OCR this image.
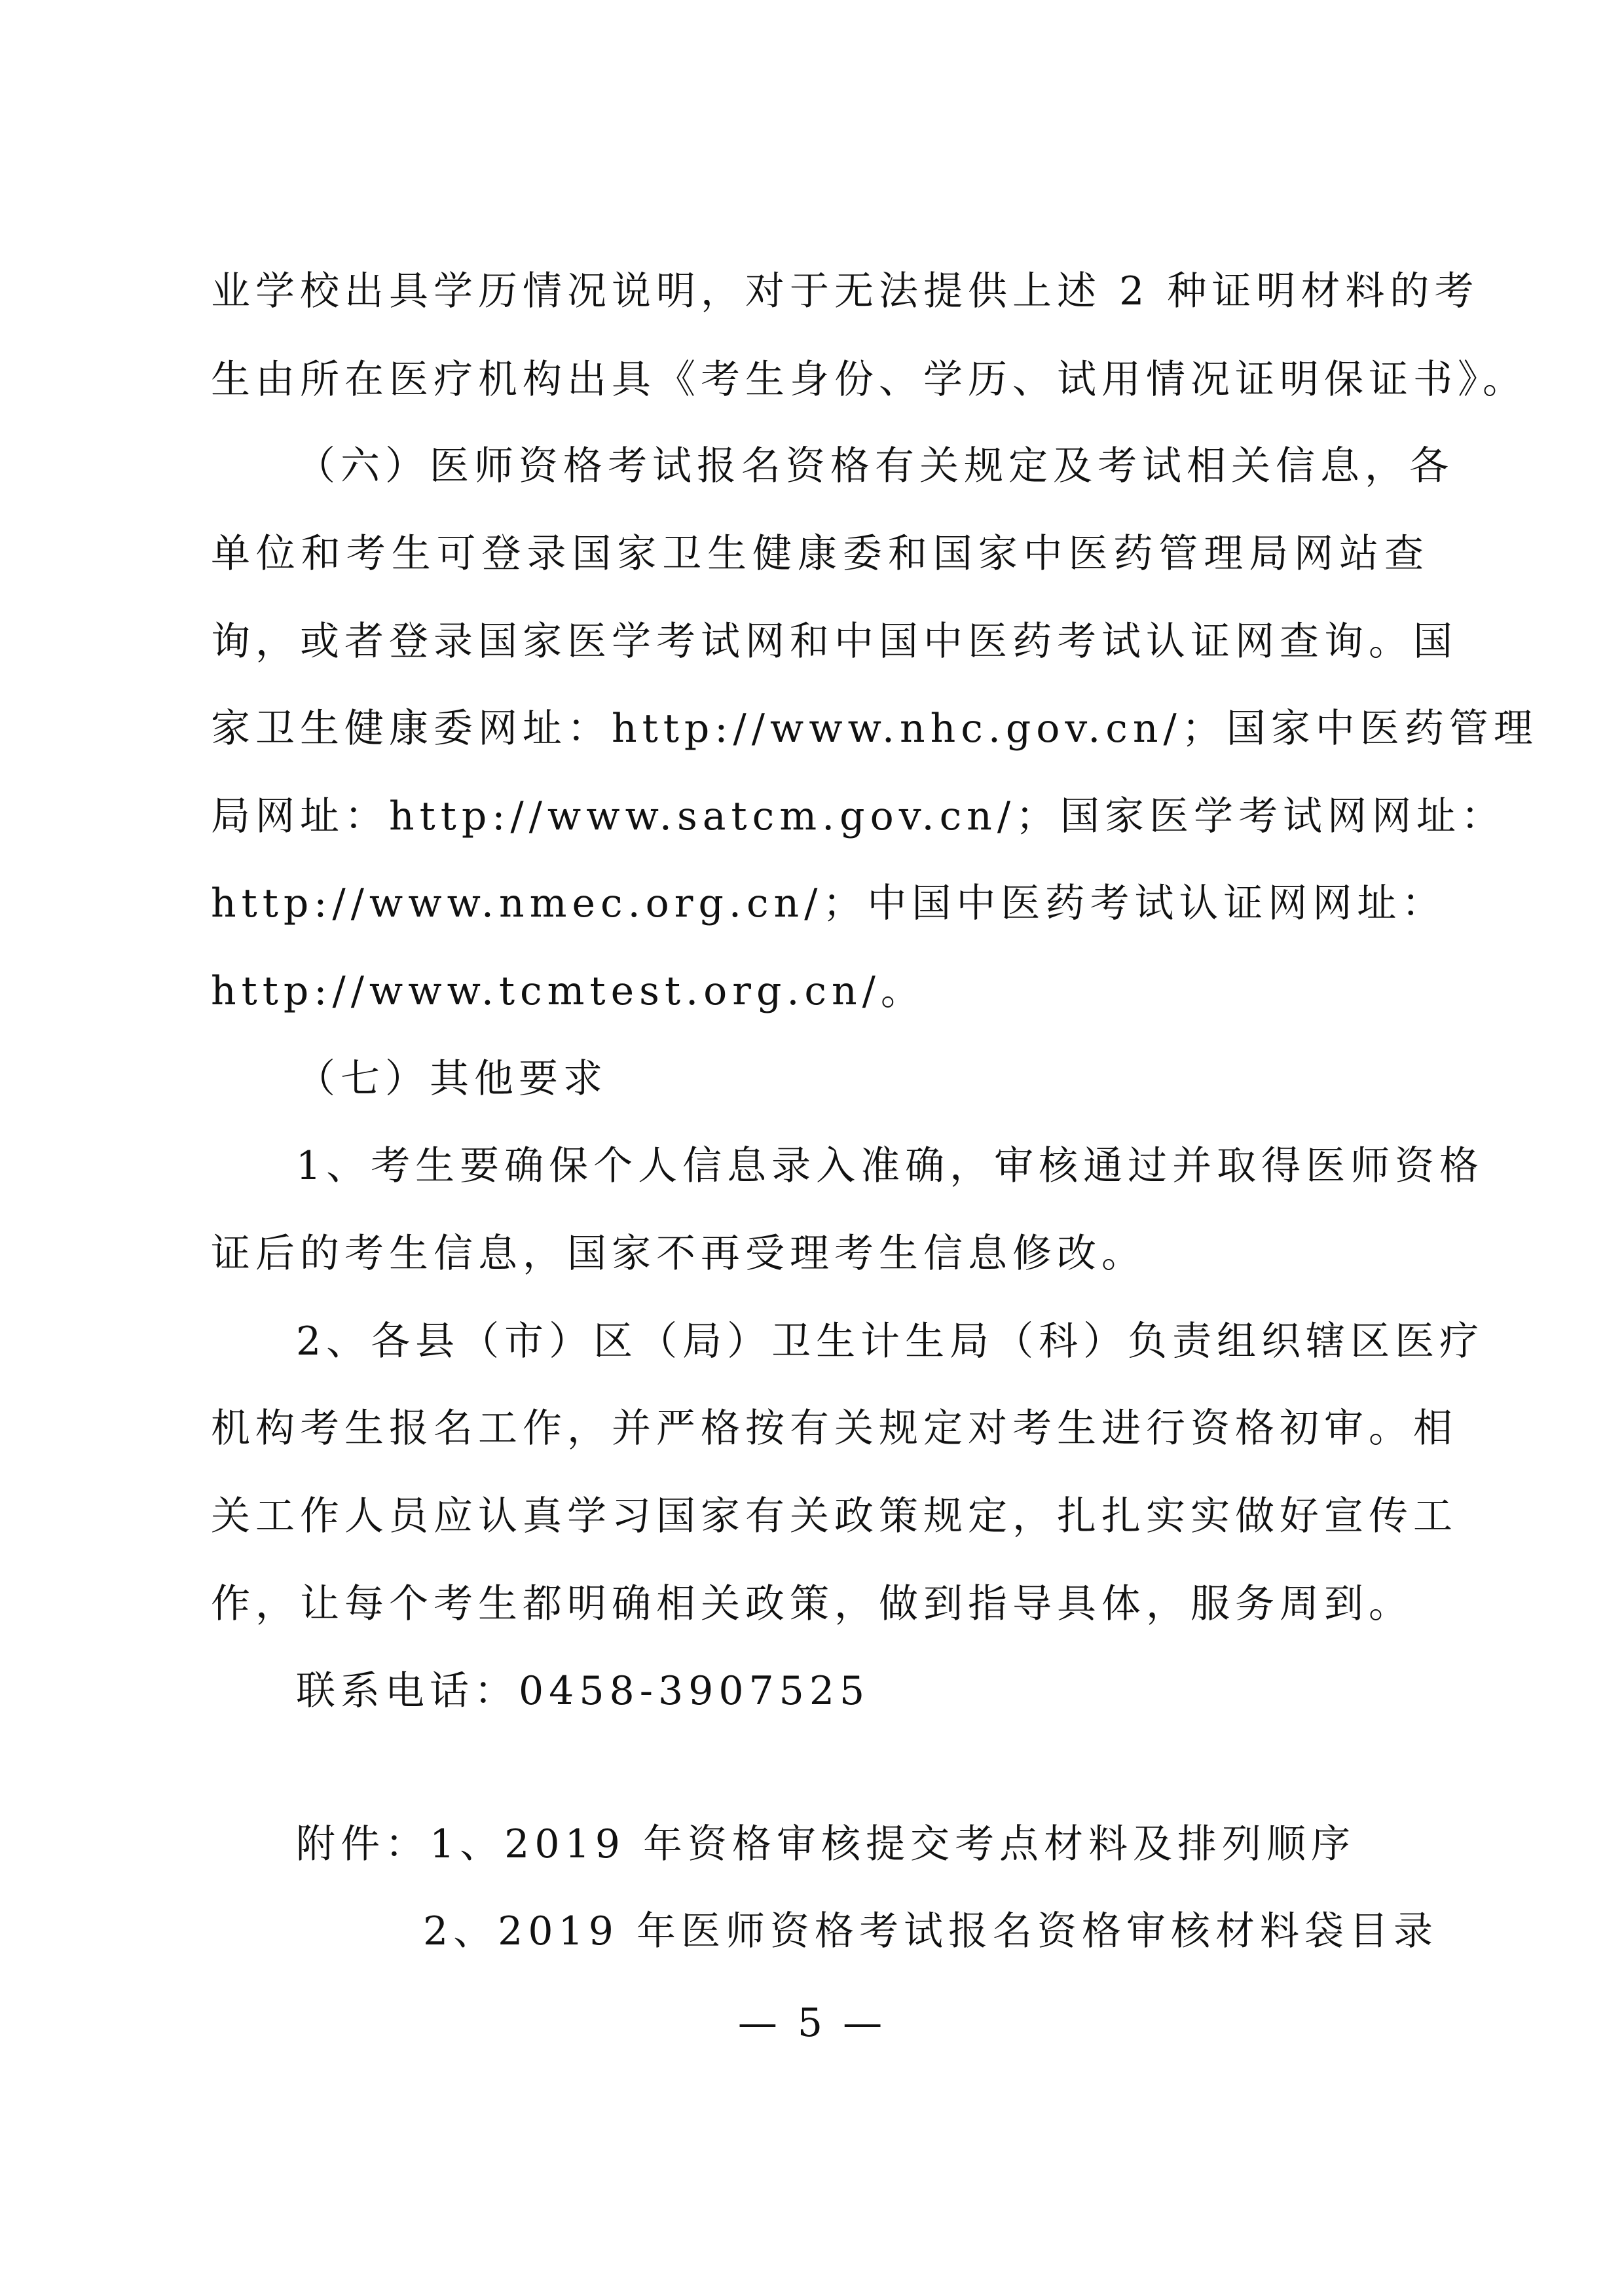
业学校出具学历情况说明，对于无法提供上述 2 种证明材料的考
生由所在医疗机构出具《考生身份、学历、试用情况证明保证书》。
（六）医师资格考试报名资格有关规定及考试相关信息，各
单位和考生可登录国家卫生健康委和国家中医药管理局网站查
询，或者登录国家医学考试网和中国中医药考试认证网查询。国
家卫生健康委网址：http://www.nhc.gov.cn/；国家中医药管理
局网址：http://www.satcm.gov.cn/；国家医学考试网网址：
http://www.nmec.org.cn/；中国中医药考试认证网网址：
http://www.tcmtest.org.cn/。
（七）其他要求
1、考生要确保个人信息录入准确，审核通过并取得医师资格
证后的考生信息，国家不再受理考生信息修改。
2、各县（市）区（局）卫生计生局（科）负责组织辖区医疗
机构考生报名工作，并严格按有关规定对考生进行资格初审。相
关工作人员应认真学习国家有关政策规定，扎扎实实做好宣传工
作，让每个考生都明确相关政策，做到指导具体，服务周到。
联系电话：0458-3907525
附件：1、2019 年资格审核提交考点材料及排列顺序
2、2019 年医师资格考试报名资格审核材料袋目录
— 5 —
